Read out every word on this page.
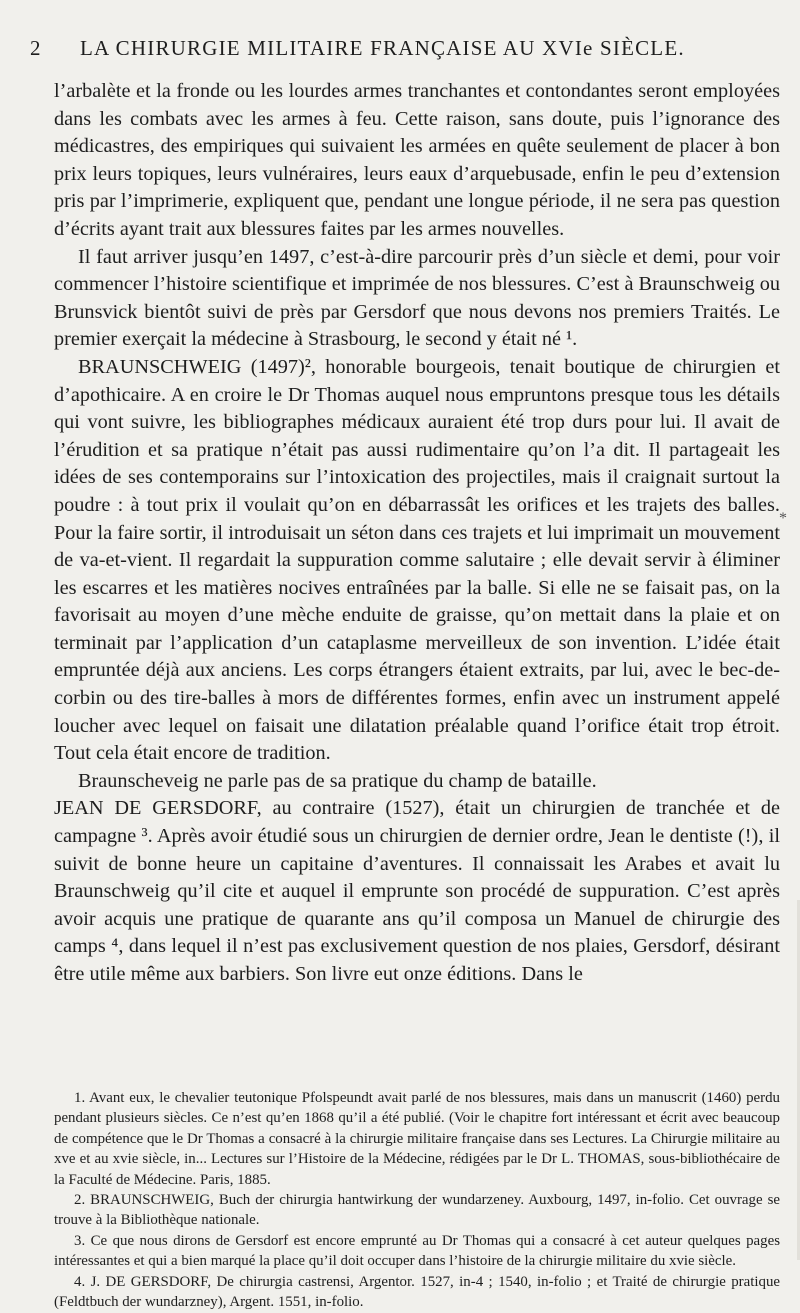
2 LA CHIRURGIE MILITAIRE FRANÇAISE AU XVIe SIÈCLE.

l’arbalète et la fronde ou les lourdes armes tranchantes et contondantes seront employées dans les combats avec les armes à feu. Cette raison, sans doute, puis l’ignorance des médicastres, des empiriques qui suivaient les armées en quête seulement de placer à bon prix leurs topiques, leurs vulnéraires, leurs eaux d’arquebusade, enfin le peu d’extension pris par l’imprimerie, expliquent que, pendant une longue période, il ne sera pas question d’écrits ayant trait aux blessures faites par les armes nouvelles.

Il faut arriver jusqu’en 1497, c’est-à-dire parcourir près d’un siècle et demi, pour voir commencer l’histoire scientifique et imprimée de nos blessures. C’est à Braunschweig ou Brunsvick bientôt suivi de près par Gersdorf que nous devons nos premiers Traités. Le premier exerçait la médecine à Strasbourg, le second y était né ¹.

BRAUNSCHWEIG (1497)², honorable bourgeois, tenait boutique de chirurgien et d’apothicaire. A en croire le Dr Thomas auquel nous empruntons presque tous les détails qui vont suivre, les bibliographes médicaux auraient été trop durs pour lui. Il avait de l’érudition et sa pratique n’était pas aussi rudimentaire qu’on l’a dit. Il partageait les idées de ses contemporains sur l’intoxication des projectiles, mais il craignait surtout la poudre : à tout prix il voulait qu’on en débarrassât les orifices et les trajets des balles. Pour la faire sortir, il introduisait un séton dans ces trajets et lui imprimait un mouvement de va-et-vient. Il regardait la suppuration comme salutaire ; elle devait servir à éliminer les escarres et les matières nocives entraînées par la balle. Si elle ne se faisait pas, on la favorisait au moyen d’une mèche enduite de graisse, qu’on mettait dans la plaie et on terminait par l’application d’un cataplasme merveilleux de son invention. L’idée était empruntée déjà aux anciens. Les corps étrangers étaient extraits, par lui, avec le bec-de-corbin ou des tire-balles à mors de différentes formes, enfin avec un instrument appelé loucher avec lequel on faisait une dilatation préalable quand l’orifice était trop étroit. Tout cela était encore de tradition.

Braunscheveig ne parle pas de sa pratique du champ de bataille.

JEAN DE GERSDORF, au contraire (1527), était un chirurgien de tranchée et de campagne ³. Après avoir étudié sous un chirurgien de dernier ordre, Jean le dentiste (!), il suivit de bonne heure un capitaine d’aventures. Il connaissait les Arabes et avait lu Braunschweig qu’il cite et auquel il emprunte son procédé de suppuration. C’est après avoir acquis une pratique de quarante ans qu’il composa un Manuel de chirurgie des camps ⁴, dans lequel il n’est pas exclusivement question de nos plaies, Gersdorf, désirant être utile même aux barbiers. Son livre eut onze éditions. Dans le

*

1. Avant eux, le chevalier teutonique Pfolspeundt avait parlé de nos blessures, mais dans un manuscrit (1460) perdu pendant plusieurs siècles. Ce n’est qu’en 1868 qu’il a été publié. (Voir le chapitre fort intéressant et écrit avec beaucoup de compétence que le Dr Thomas a consacré à la chirurgie militaire française dans ses Lectures. La Chirurgie militaire au xve et au xvie siècle, in... Lectures sur l’Histoire de la Médecine, rédigées par le Dr L. THOMAS, sous-bibliothécaire de la Faculté de Médecine. Paris, 1885.

2. BRAUNSCHWEIG, Buch der chirurgia hantwirkung der wundarzeney. Auxbourg, 1497, in-folio. Cet ouvrage se trouve à la Bibliothèque nationale.

3. Ce que nous dirons de Gersdorf est encore emprunté au Dr Thomas qui a consacré à cet auteur quelques pages intéressantes et qui a bien marqué la place qu’il doit occuper dans l’histoire de la chirurgie militaire du xvie siècle.

4. J. DE GERSDORF, De chirurgia castrensi, Argentor. 1527, in-4 ; 1540, in-folio ; et Traité de chirurgie pratique (Feldtbuch der wundarzney), Argent. 1551, in-folio.
